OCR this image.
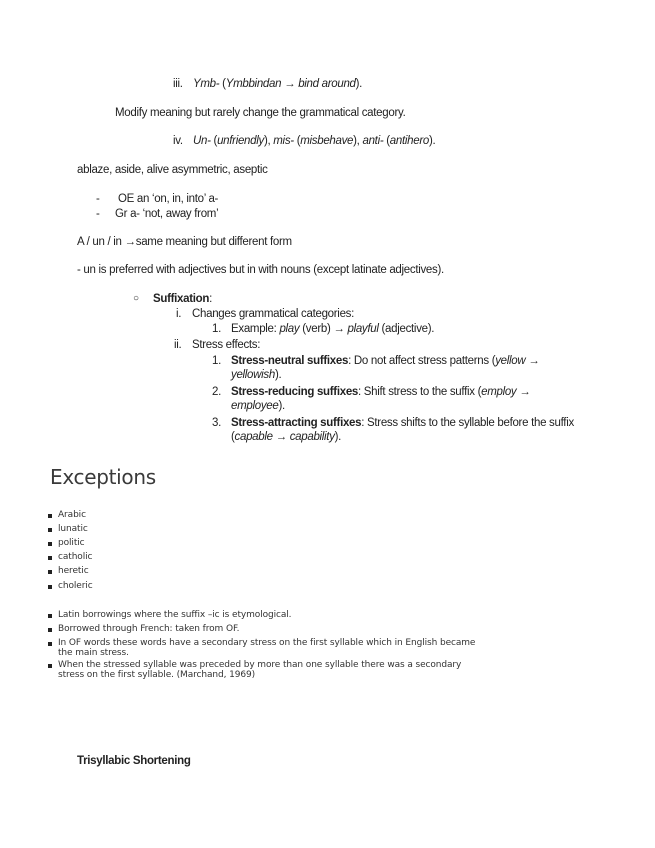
iii. Ymb- (Ymbbindan → bind around).
Modify meaning but rarely change the grammatical category.
iv. Un- (unfriendly), mis- (misbehave), anti- (antihero).
ablaze, aside, alive asymmetric, aseptic
- OE an ‘on, in, into’ a-
- Gr a- ‘not, away from’
A / un / in →same meaning but different form
- un is preferred with adjectives but in with nouns (except latinate adjectives).
○ Suffixation:
i. Changes grammatical categories:
1. Example: play (verb) → playful (adjective).
ii. Stress effects:
1. Stress-neutral suffixes: Do not affect stress patterns (yellow → yellowish).
2. Stress-reducing suffixes: Shift stress to the suffix (employ → employee).
3. Stress-attracting suffixes: Stress shifts to the syllable before the suffix (capable → capability).
Exceptions
Arabic
lunatic
politic
catholic
heretic
choleric
Latin borrowings where the suffix –ic is etymological.
Borrowed through French: taken from OF.
In OF words these words have a secondary stress on the first syllable which in English became the main stress.
When the stressed syllable was preceded by more than one syllable there was a secondary stress on the first syllable. (Marchand, 1969)
Trisyllabic Shortening
